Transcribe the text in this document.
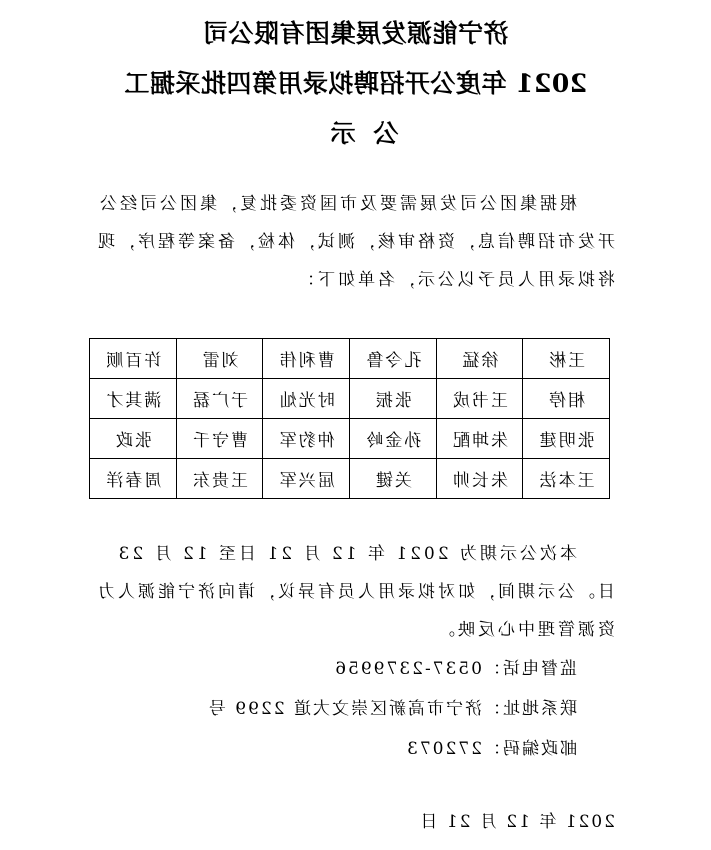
济宁能源发展集团有限公司
2021 年度公开招聘拟录用第四批采掘工
公示
根据集团公司发展需要及市国资委批复，集团公司经公开发布招聘信息，资格审核，测试，体检，备案等程序，现将拟录用人员予以公示，名单如下：
王彬	徐猛	孔令鲁	曹利伟	刘雷	许百顺
相停	王书成	张振	时光灿	于广磊	满其才
张明建	朱坤配	孙金岭	仲豹军	曹守千	张政
王本法	朱长帅	关键	屈兴军	王贵东	周春洋
本次公示期为 2021 年 12 月 21 日至 12 月 23 日。公示期间，如对拟录用人员有异议，请向济宁能源人力资源管理中心反映。
监督电话：0537-2379956
联系地址：济宁市高新区崇文大道 2299 号
邮政编码：272073
2021 年 12 月 21 日
